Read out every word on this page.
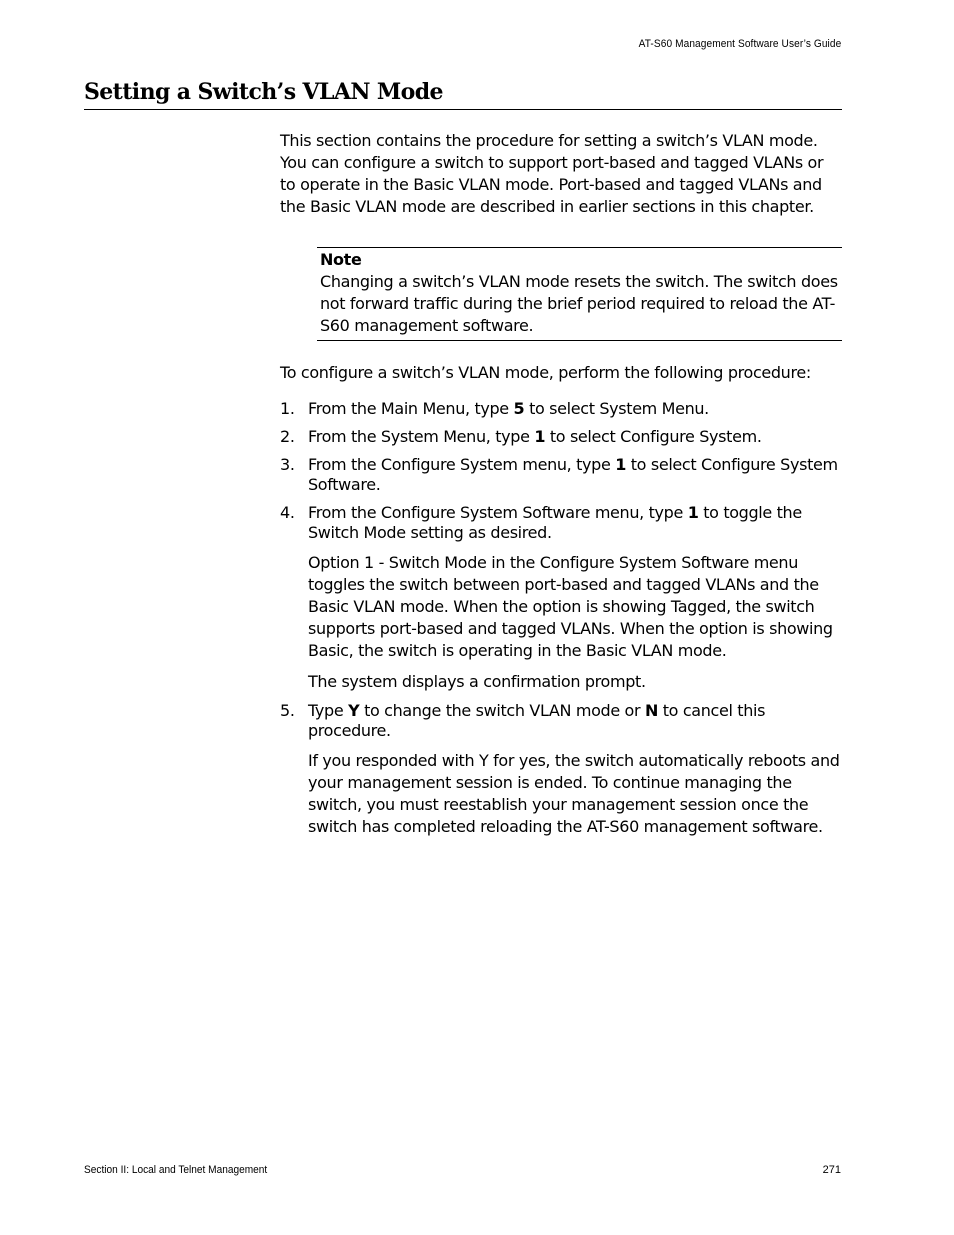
AT-S60 Management Software User’s Guide
Setting a Switch’s VLAN Mode

This section contains the procedure for setting a switch’s VLAN mode. You can configure a switch to support port-based and tagged VLANs or to operate in the Basic VLAN mode. Port-based and tagged VLANs and the Basic VLAN mode are described in earlier sections in this chapter.

Note
Changing a switch’s VLAN mode resets the switch. The switch does not forward traffic during the brief period required to reload the AT-S60 management software.

To configure a switch’s VLAN mode, perform the following procedure:

1. From the Main Menu, type 5 to select System Menu.
2. From the System Menu, type 1 to select Configure System.
3. From the Configure System menu, type 1 to select Configure System Software.
4. From the Configure System Software menu, type 1 to toggle the Switch Mode setting as desired.

Option 1 - Switch Mode in the Configure System Software menu toggles the switch between port-based and tagged VLANs and the Basic VLAN mode. When the option is showing Tagged, the switch supports port-based and tagged VLANs. When the option is showing Basic, the switch is operating in the Basic VLAN mode.

The system displays a confirmation prompt.

5. Type Y to change the switch VLAN mode or N to cancel this procedure.

If you responded with Y for yes, the switch automatically reboots and your management session is ended. To continue managing the switch, you must reestablish your management session once the switch has completed reloading the AT-S60 management software.

Section II: Local and Telnet Management	271
